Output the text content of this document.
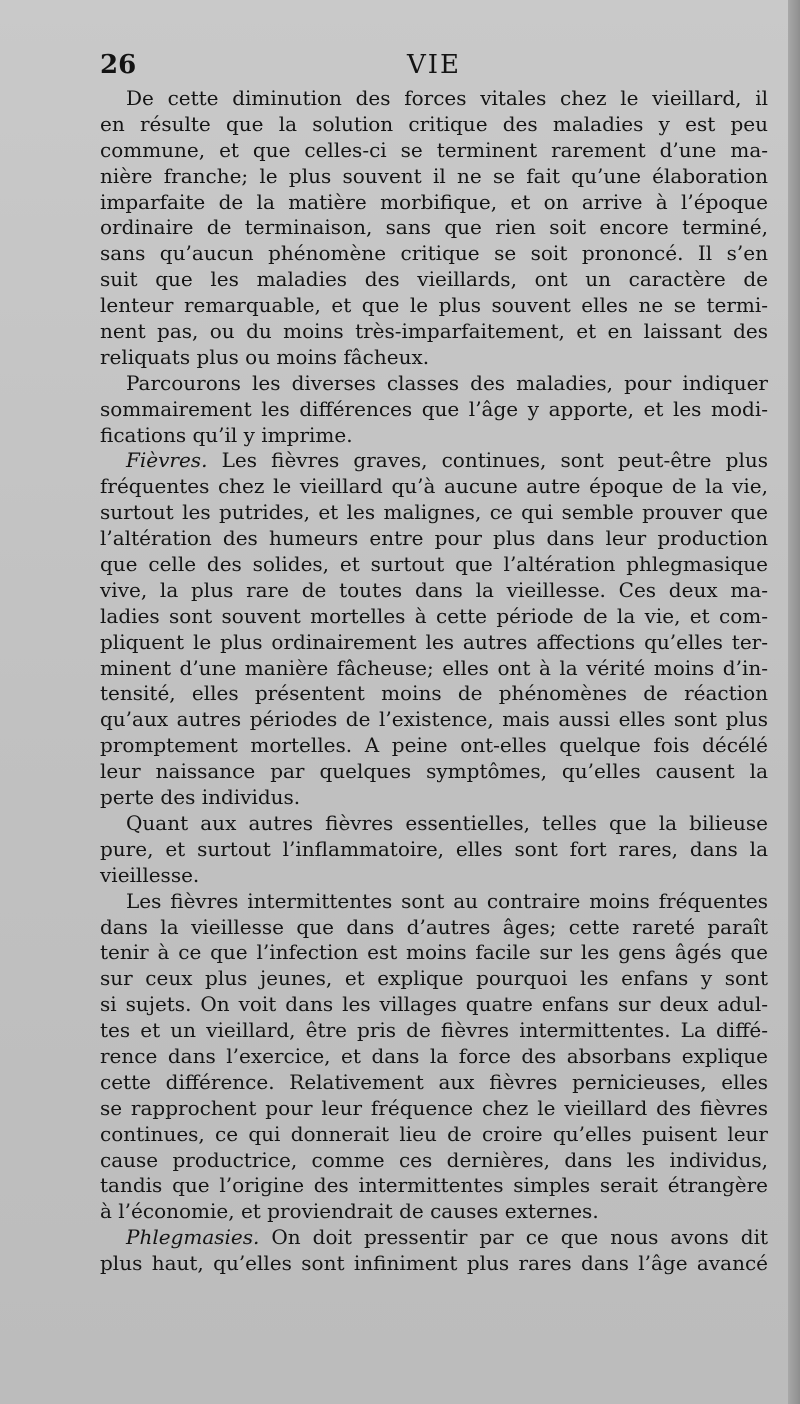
26	VIE
De cette diminution des forces vitales chez le vieillard, il
en résulte que la solution critique des maladies y est peu
commune, et que celles-ci se terminent rarement d’une ma-
nière franche; le plus souvent il ne se fait qu’une élaboration
imparfaite de la matière morbifique, et on arrive à l’époque
ordinaire de terminaison, sans que rien soit encore terminé,
sans qu’aucun phénomène critique se soit prononcé. Il s’en
suit que les maladies des vieillards, ont un caractère de
lenteur remarquable, et que le plus souvent elles ne se termi-
nent pas, ou du moins très-imparfaitement, et en laissant des
reliquats plus ou moins fâcheux.
Parcourons les diverses classes des maladies, pour indiquer
sommairement les différences que l’âge y apporte, et les modi-
fications qu’il y imprime.
Fièvres. Les fièvres graves, continues, sont peut-être plus
fréquentes chez le vieillard qu’à aucune autre époque de la vie,
surtout les putrides, et les malignes, ce qui semble prouver que
l’altération des humeurs entre pour plus dans leur production
que celle des solides, et surtout que l’altération phlegmasique
vive, la plus rare de toutes dans la vieillesse. Ces deux ma-
ladies sont souvent mortelles à cette période de la vie, et com-
pliquent le plus ordinairement les autres affections qu’elles ter-
minent d’une manière fâcheuse; elles ont à la vérité moins d’in-
tensité, elles présentent moins de phénomènes de réaction
qu’aux autres périodes de l’existence, mais aussi elles sont plus
promptement mortelles. A peine ont-elles quelque fois décélé
leur naissance par quelques symptômes, qu’elles causent la
perte des individus.
Quant aux autres fièvres essentielles, telles que la bilieuse
pure, et surtout l’inflammatoire, elles sont fort rares, dans la
vieillesse.
Les fièvres intermittentes sont au contraire moins fréquentes
dans la vieillesse que dans d’autres âges; cette rareté paraît
tenir à ce que l’infection est moins facile sur les gens âgés que
sur ceux plus jeunes, et explique pourquoi les enfans y sont
si sujets. On voit dans les villages quatre enfans sur deux adul-
tes et un vieillard, être pris de fièvres intermittentes. La diffé-
rence dans l’exercice, et dans la force des absorbans explique
cette différence. Relativement aux fièvres pernicieuses, elles
se rapprochent pour leur fréquence chez le vieillard des fièvres
continues, ce qui donnerait lieu de croire qu’elles puisent leur
cause productrice, comme ces dernières, dans les individus,
tandis que l’origine des intermittentes simples serait étrangère
à l’économie, et proviendrait de causes externes.
Phlegmasies. On doit pressentir par ce que nous avons dit
plus haut, qu’elles sont infiniment plus rares dans l’âge avancé
